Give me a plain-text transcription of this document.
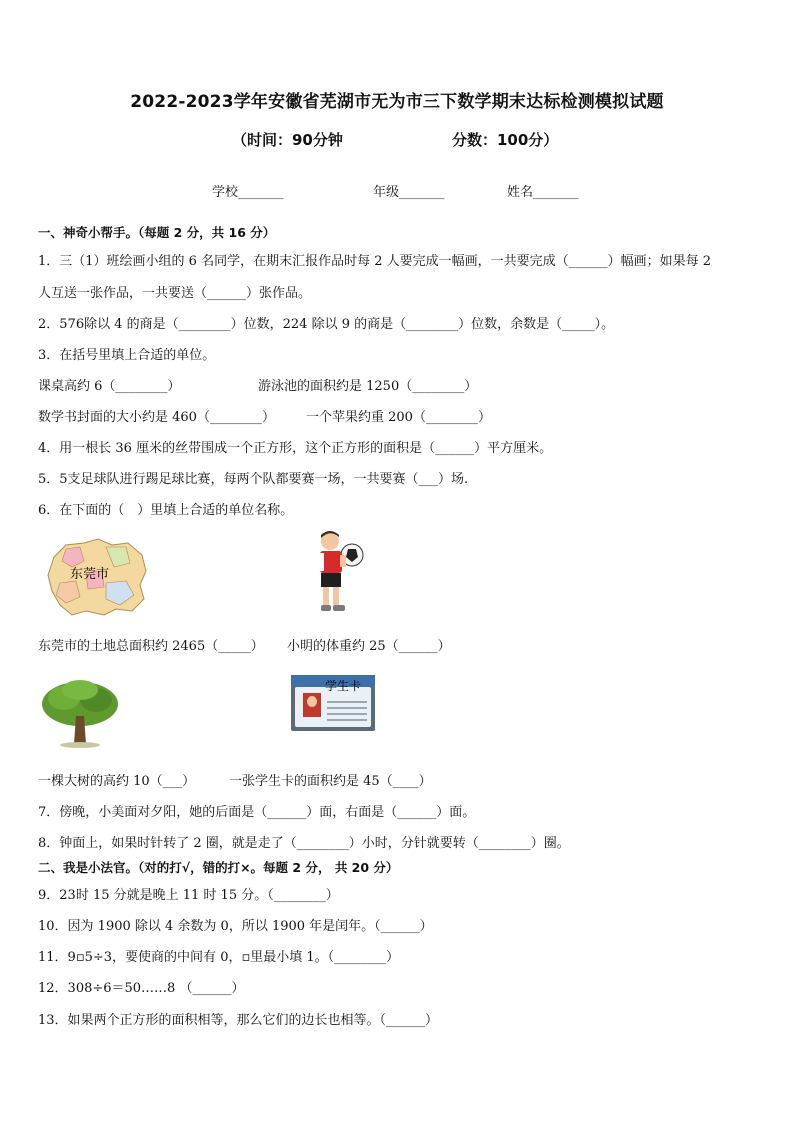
2022-2023学年安徽省芜湖市无为市三下数学期末达标检测模拟试题
（时间：90分钟	分数：100分）
学校_______	年级_______	姓名_______
一、神奇小帮手。（每题 2 分，共 16 分）
1．三（1）班绘画小组的 6 名同学，在期末汇报作品时每 2 人要完成一幅画，一共要完成（______）幅画；如果每 2
人互送一张作品，一共要送（______）张作品。
2．576除以 4 的商是（________）位数，224 除以 9 的商是（________）位数，余数是（_____）。
3．在括号里填上合适的单位。
课桌高约 6（________）	游泳池的面积约是 1250（________）
数学书封面的大小约是 460（________） 一个苹果约重 200（________）
4．用一根长 36 厘米的丝带围成一个正方形，这个正方形的面积是（______）平方厘米。
5．5支足球队进行踢足球比赛，每两个队都要赛一场，一共要赛（___）场.
6．在下面的（　）里填上合适的单位名称。
东莞市
东莞市的土地总面积约 2465（_____） 小明的体重约 25（______）
学生卡
一棵大树的高约 10（___）	一张学生卡的面积约是 45（____）
7．傍晚，小美面对夕阳，她的后面是（______）面，右面是（______）面。
8．钟面上，如果时针转了 2 圈，就是走了（________）小时，分针就要转（________）圈。
二、我是小法官。（对的打√，错的打×。每题 2 分， 共 20 分）
9．23时 15 分就是晚上 11 时 15 分。（________）
10．因为 1900 除以 4 余数为 0，所以 1900 年是闰年。（______）
11．9▫5÷3，要使商的中间有 0，▫里最小填 1。（________）
12．308÷6＝50……8 （______）
13．如果两个正方形的面积相等，那么它们的边长也相等。（______）
